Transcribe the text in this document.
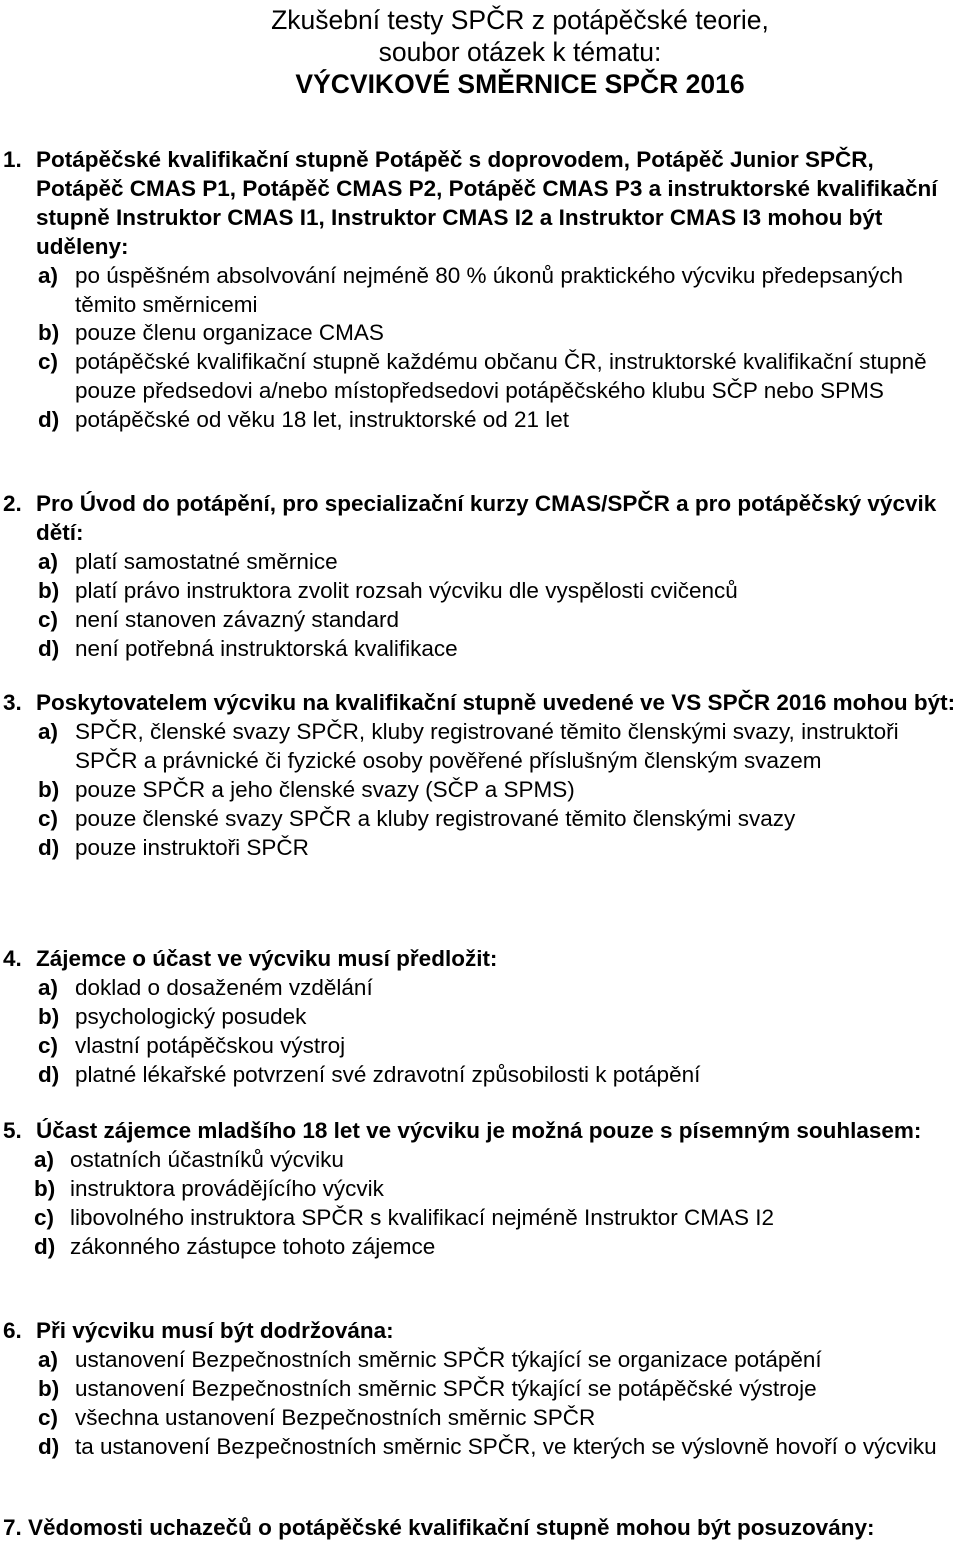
Zkušební testy SPČR z potápěčské teorie,
soubor otázek k tématu:
VÝCVIKOVÉ SMĚRNICE SPČR 2016
1. Potápěčské kvalifikační stupně Potápěč s doprovodem, Potápěč Junior SPČR, Potápěč CMAS P1, Potápěč CMAS P2, Potápěč CMAS P3 a instruktorské kvalifikační stupně Instruktor CMAS I1, Instruktor CMAS I2 a Instruktor CMAS I3 mohou být uděleny:
a) po úspěšném absolvování nejméně 80 % úkonů praktického výcviku předepsaných těmito směrnicemi
b) pouze členu organizace CMAS
c) potápěčské kvalifikační stupně každému občanu ČR, instruktorské kvalifikační stupně pouze předsedovi a/nebo místopředsedovi potápěčského klubu SČP nebo SPMS
d) potápěčské od věku 18 let, instruktorské od 21 let
2. Pro Úvod do potápění, pro specializační kurzy CMAS/SPČR a pro potápěčský výcvik dětí:
a) platí samostatné směrnice
b) platí právo instruktora zvolit rozsah výcviku dle vyspělosti cvičenců
c) není stanoven závazný standard
d) není potřebná instruktorská kvalifikace
3. Poskytovatelem výcviku na kvalifikační stupně uvedené ve VS SPČR 2016 mohou být:
a) SPČR, členské svazy SPČR, kluby registrované těmito členskými svazy, instruktoři SPČR a právnické či fyzické osoby pověřené příslušným členským svazem
b) pouze SPČR a jeho členské svazy (SČP a SPMS)
c) pouze členské svazy SPČR a kluby registrované těmito členskými svazy
d) pouze instruktoři SPČR
4. Zájemce o účast ve výcviku musí předložit:
a) doklad o dosaženém vzdělání
b) psychologický posudek
c) vlastní potápěčskou výstroj
d) platné lékařské potvrzení své zdravotní způsobilosti k potápění
5. Účast zájemce mladšího 18 let ve výcviku je možná pouze s písemným souhlasem:
a) ostatních účastníků výcviku
b) instruktora provádějícího výcvik
c) libovolného instruktora SPČR s kvalifikací nejméně Instruktor CMAS I2
d) zákonného zástupce tohoto zájemce
6. Při výcviku musí být dodržována:
a) ustanovení Bezpečnostních směrnic SPČR týkající se organizace potápění
b) ustanovení Bezpečnostních směrnic SPČR týkající se potápěčské výstroje
c) všechna ustanovení Bezpečnostních směrnic SPČR
d) ta ustanovení Bezpečnostních směrnic SPČR, ve kterých se výslovně hovoří o výcviku
7. Vědomosti uchazečů o potápěčské kvalifikační stupně mohou být posuzovány:
